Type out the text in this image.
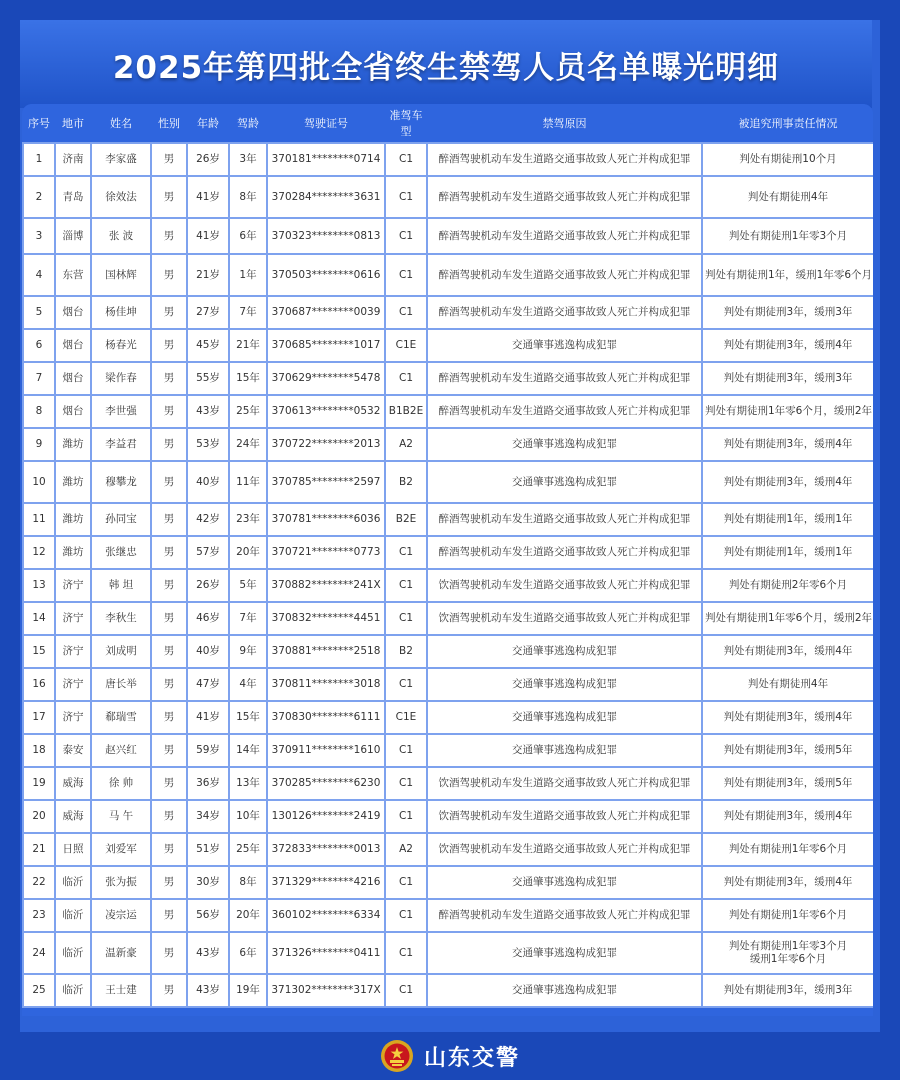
2025年第四批全省终生禁驾人员名单曝光明细
序号	地市	姓名	性别	年龄	驾龄	驾驶证号	准驾车型	禁驾原因	被追究刑事责任情况
1	济南	李家盛	男	26岁	3年	370181********0714	C1	醉酒驾驶机动车发生道路交通事故致人死亡并构成犯罪	判处有期徒刑10个月
2	青岛	徐效法	男	41岁	8年	370284********3631	C1	醉酒驾驶机动车发生道路交通事故致人死亡并构成犯罪	判处有期徒刑4年
3	淄博	张 波	男	41岁	6年	370323********0813	C1	醉酒驾驶机动车发生道路交通事故致人死亡并构成犯罪	判处有期徒刑1年零3个月
4	东营	国林辉	男	21岁	1年	370503********0616	C1	醉酒驾驶机动车发生道路交通事故致人死亡并构成犯罪	判处有期徒刑1年，缓刑1年零6个月
5	烟台	杨佳坤	男	27岁	7年	370687********0039	C1	醉酒驾驶机动车发生道路交通事故致人死亡并构成犯罪	判处有期徒刑3年，缓刑3年
6	烟台	杨春光	男	45岁	21年	370685********1017	C1E	交通肇事逃逸构成犯罪	判处有期徒刑3年，缓刑4年
7	烟台	梁作春	男	55岁	15年	370629********5478	C1	醉酒驾驶机动车发生道路交通事故致人死亡并构成犯罪	判处有期徒刑3年，缓刑3年
8	烟台	李世强	男	43岁	25年	370613********0532	B1B2E	醉酒驾驶机动车发生道路交通事故致人死亡并构成犯罪	判处有期徒刑1年零6个月，缓刑2年
9	潍坊	李益君	男	53岁	24年	370722********2013	A2	交通肇事逃逸构成犯罪	判处有期徒刑3年，缓刑4年
10	潍坊	穆攀龙	男	40岁	11年	370785********2597	B2	交通肇事逃逸构成犯罪	判处有期徒刑3年，缓刑4年
11	潍坊	孙同宝	男	42岁	23年	370781********6036	B2E	醉酒驾驶机动车发生道路交通事故致人死亡并构成犯罪	判处有期徒刑1年，缓刑1年
12	潍坊	张继忠	男	57岁	20年	370721********0773	C1	醉酒驾驶机动车发生道路交通事故致人死亡并构成犯罪	判处有期徒刑1年，缓刑1年
13	济宁	韩 坦	男	26岁	5年	370882********241X	C1	饮酒驾驶机动车发生道路交通事故致人死亡并构成犯罪	判处有期徒刑2年零6个月
14	济宁	李秋生	男	46岁	7年	370832********4451	C1	饮酒驾驶机动车发生道路交通事故致人死亡并构成犯罪	判处有期徒刑1年零6个月，缓刑2年
15	济宁	刘成明	男	40岁	9年	370881********2518	B2	交通肇事逃逸构成犯罪	判处有期徒刑3年，缓刑4年
16	济宁	唐长举	男	47岁	4年	370811********3018	C1	交通肇事逃逸构成犯罪	判处有期徒刑4年
17	济宁	郗瑞雪	男	41岁	15年	370830********6111	C1E	交通肇事逃逸构成犯罪	判处有期徒刑3年，缓刑4年
18	泰安	赵兴红	男	59岁	14年	370911********1610	C1	交通肇事逃逸构成犯罪	判处有期徒刑3年，缓刑5年
19	威海	徐 帅	男	36岁	13年	370285********6230	C1	饮酒驾驶机动车发生道路交通事故致人死亡并构成犯罪	判处有期徒刑3年，缓刑5年
20	威海	马 午	男	34岁	10年	130126********2419	C1	饮酒驾驶机动车发生道路交通事故致人死亡并构成犯罪	判处有期徒刑3年，缓刑4年
21	日照	刘爱军	男	51岁	25年	372833********0013	A2	饮酒驾驶机动车发生道路交通事故致人死亡并构成犯罪	判处有期徒刑1年零6个月
22	临沂	张为振	男	30岁	8年	371329********4216	C1	交通肇事逃逸构成犯罪	判处有期徒刑3年，缓刑4年
23	临沂	凌宗运	男	56岁	20年	360102********6334	C1	醉酒驾驶机动车发生道路交通事故致人死亡并构成犯罪	判处有期徒刑1年零6个月
24	临沂	温新豪	男	43岁	6年	371326********0411	C1	交通肇事逃逸构成犯罪	判处有期徒刑1年零3个月
缓刑1年零6个月
25	临沂	王士建	男	43岁	19年	371302********317X	C1	交通肇事逃逸构成犯罪	判处有期徒刑3年，缓刑3年
山东交警
